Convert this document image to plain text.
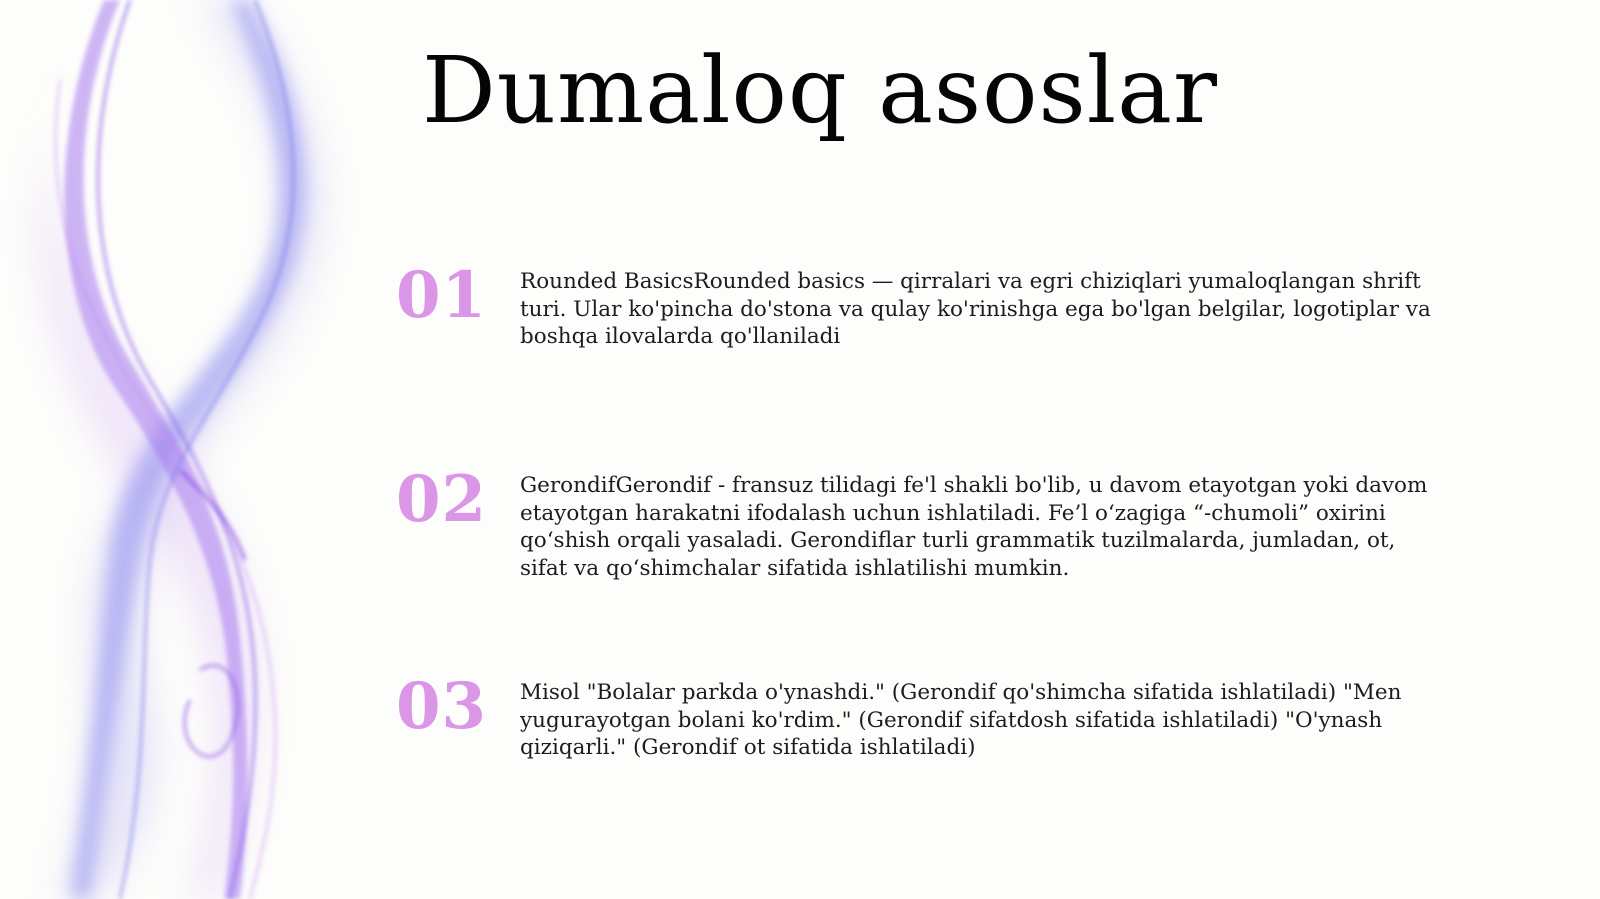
Dumaloq asoslar
01 Rounded BasicsRounded basics — qirralari va egri chiziqlari yumaloqlangan shrift turi. Ular ko'pincha do'stona va qulay ko'rinishga ega bo'lgan belgilar, logotiplar va boshqa ilovalarda qo'llaniladi
02 GerondifGerondif - fransuz tilidagi fe'l shakli bo'lib, u davom etayotgan yoki davom etayotgan harakatni ifodalash uchun ishlatiladi. Fe’l o‘zagiga “-chumoli” oxirini qo‘shish orqali yasaladi. Gerondiflar turli grammatik tuzilmalarda, jumladan, ot, sifat va qo‘shimchalar sifatida ishlatilishi mumkin.
03 Misol "Bolalar parkda o'ynashdi." (Gerondif qo'shimcha sifatida ishlatiladi) "Men yugurayotgan bolani ko'rdim." (Gerondif sifatdosh sifatida ishlatiladi) "O'ynash qiziqarli." (Gerondif ot sifatida ishlatiladi)
